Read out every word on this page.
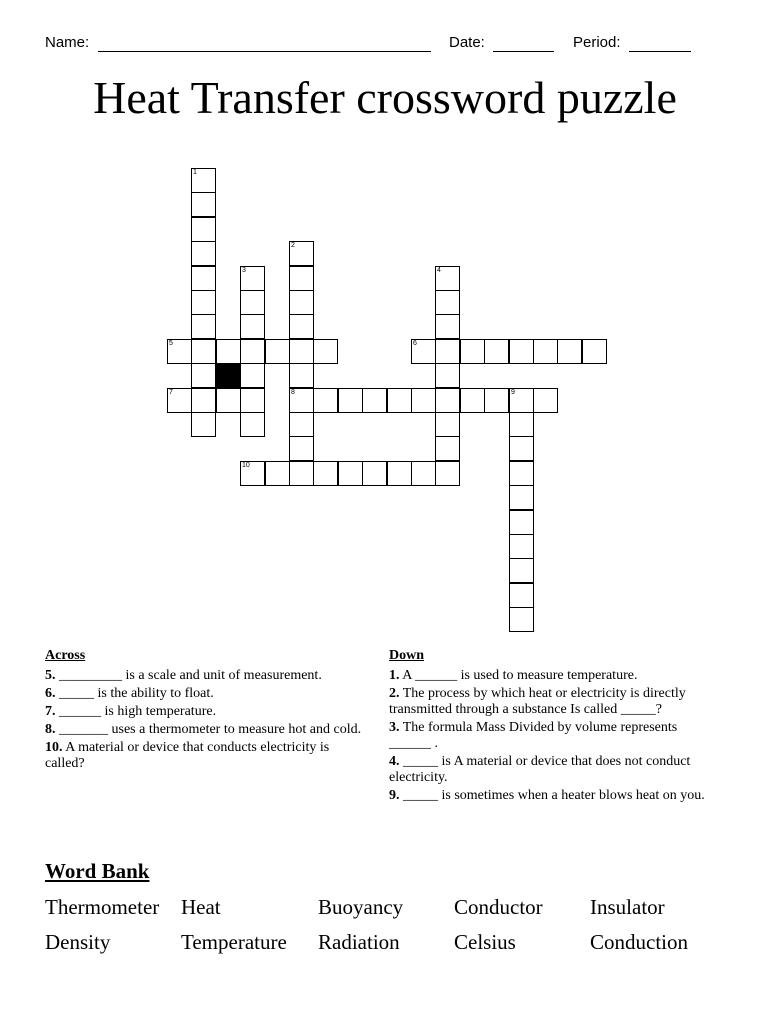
Name:	Date:	Period:
Heat Transfer crossword puzzle
1
2
8
3	4
9
5	6
7
10
Across
5. _________ is a scale and unit of measurement.
6. _____ is the ability to float.
7. ______ is high temperature.
8. _______ uses a thermometer to measure hot and cold.
10. A material or device that conducts electricity is called?
Down
1. A ______ is used to measure temperature.
2. The process by which heat or electricity is directly transmitted through a substance Is called _____?
3. The formula Mass Divided by volume represents ______ .
4. _____ is A material or device that does not conduct electricity.
9. _____ is sometimes when a heater blows heat on you.
Word Bank
Thermometer Heat	Buoyancy Conductor Insulator
Density	Temperature Radiation	Celsius	Conduction
